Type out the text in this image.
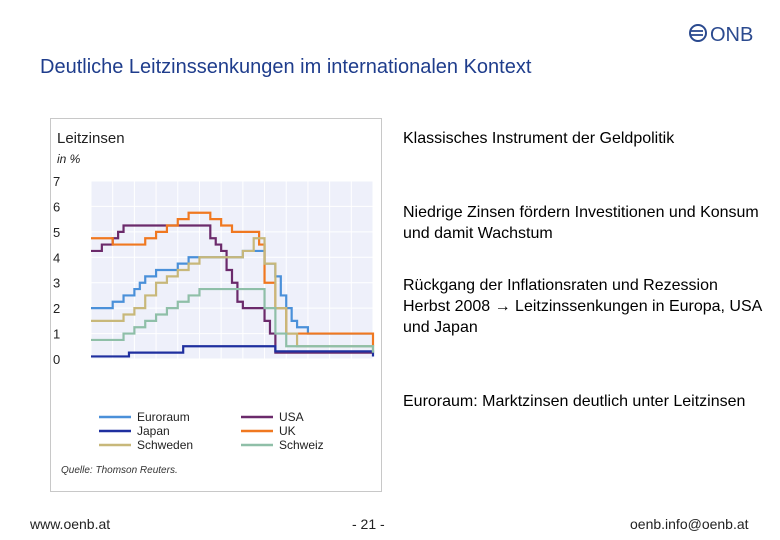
ONB
Deutliche Leitzinssenkungen im internationalen Kontext
Leitzinsen
in %
0
1
2
3
4
5
6
7
Euroraum	USA
Japan	UK
Schweden	Schweiz
Quelle: Thomson Reuters.

Klassisches Instrument der Geldpolitik

Niedrige Zinsen fördern Investitionen und Konsum und damit Wachstum

Rückgang der Inflationsraten und Rezession Herbst 2008 → Leitzinssenkungen in Europa, USA und Japan

Euroraum: Marktzinsen deutlich unter Leitzinsen

www.oenb.at	- 21 -	oenb.info@oenb.at
